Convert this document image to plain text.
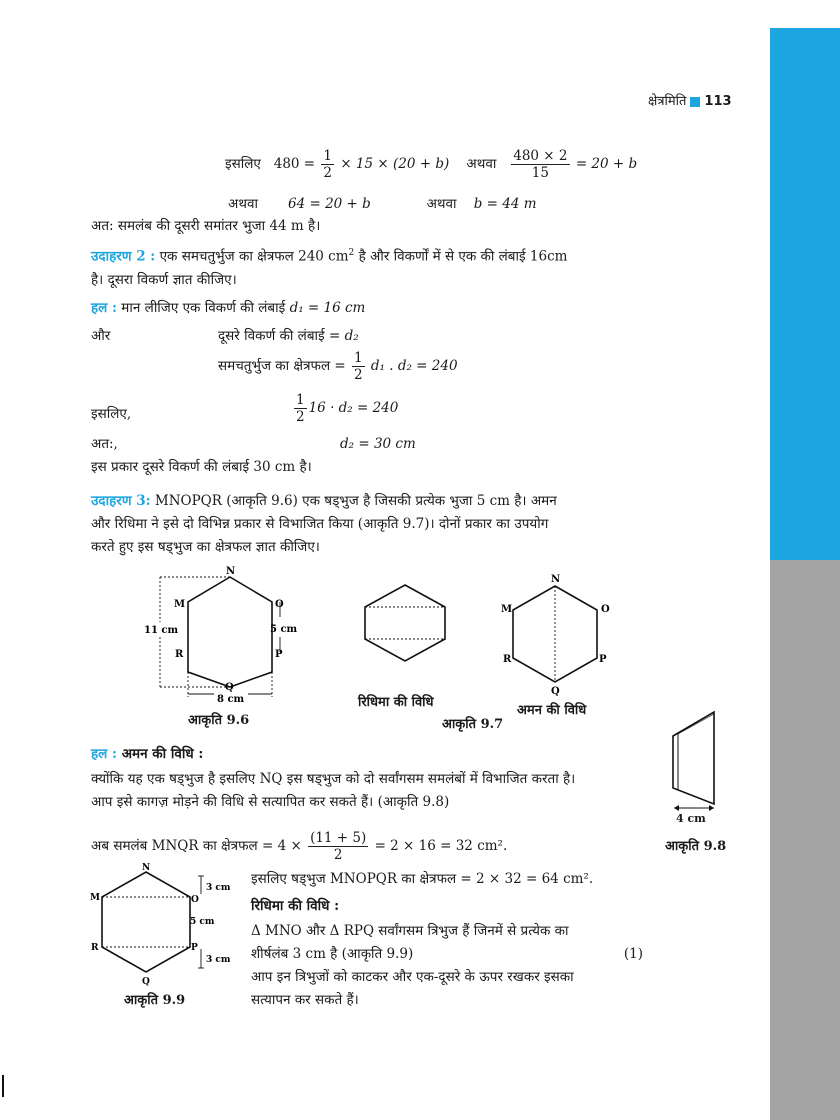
क्षेत्रमिति 113
इसलिए $480 = \frac{1}{2} \times 15 \times (20 + b)$ अथवा $\frac{480 \times 2}{15} = 20 + b$
अथवा 64 = 20 + b	अथवा b = 44 m
अत: समलंब की दूसरी समांतर भुजा 44 m है।
उदाहरण 2 : एक समचतुर्भुज का क्षेत्रफल 240 $cm^2$ है और विकर्णों में से एक की लंबाई 16cm
है। दूसरा विकर्ण ज्ञात कीजिए।
हल : मान लीजिए एक विकर्ण की लंबाई d₁ = 16 cm
और	दूसरे विकर्ण की लंबाई = d₂
समचतुर्भुज का क्षेत्रफल = $\frac{1}{2} d_1$ . d₂ = 240
इसलिए,	$\frac{1}{2} 16 \cdot d_2 = 240$
अत:,	d₂ = 30 cm
इस प्रकार दूसरे विकर्ण की लंबाई 30 cm है।
उदाहरण 3: MNOPQR (आकृति 9.6) एक षड्भुज है जिसकी प्रत्येक भुजा 5 cm है। अमन
और रिधिमा ने इसे दो विभिन्न प्रकार से विभाजित किया (आकृति 9.7)। दोनों प्रकार का उपयोग
करते हुए इस षड्भुज का क्षेत्रफल ज्ञात कीजिए।
N
M	O
R	P
Q
11 cm	5 cm
8 cm
आकृति 9.6
रिधिमा की विधि
N
M	O
R	P
Q
अमन की विधि
आकृति 9.7
4 cm
आकृति 9.8
हल : अमन की विधि :
क्योंकि यह एक षड्भुज है इसलिए NQ इस षड्भुज को दो सर्वांगसम समलंबों में विभाजित करता है।
आप इसे कागज़ मोड़ने की विधि से सत्यापित कर सकते हैं। (आकृति 9.8)
अब समलंब MNQR का क्षेत्रफल = $4 \times \frac{(11 + 5)}{2} = 2 \times 16 = 32$ cm².
N
M	O
R	P
Q
3 cm
5 cm
3 cm
आकृति 9.9
इसलिए षड्भुज MNOPQR का क्षेत्रफल = 2 × 32 = 64 cm².
रिधिमा की विधि :
Δ MNO और Δ RPQ सर्वांगसम त्रिभुज हैं जिनमें से प्रत्येक का
शीर्षलंब 3 cm है (आकृति 9.9)	(1)

आप इन त्रिभुजों को काटकर और एक-दूसरे के ऊपर रखकर इसका
सत्यापन कर सकते हैं।
